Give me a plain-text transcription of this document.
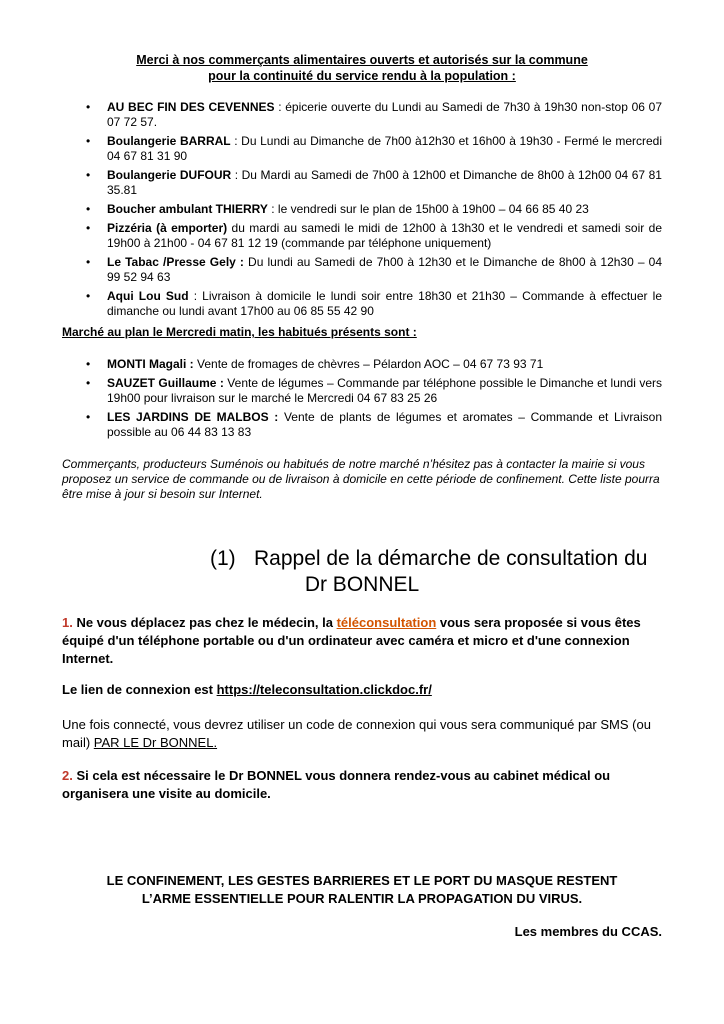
Merci à nos commerçants alimentaires ouverts et autorisés sur la commune
pour la continuité du service rendu à la population :
• AU BEC FIN DES CEVENNES : épicerie ouverte du Lundi au Samedi de 7h30 à 19h30 non-stop 06 07 07 72 57.
• Boulangerie BARRAL : Du Lundi au Dimanche de 7h00 à12h30 et 16h00 à 19h30 - Fermé le mercredi 04 67 81 31 90
• Boulangerie DUFOUR : Du Mardi au Samedi de 7h00 à 12h00 et Dimanche de 8h00 à 12h00 04 67 81 35.81
• Boucher ambulant THIERRY : le vendredi sur le plan de 15h00 à 19h00 – 04 66 85 40 23
• Pizzéria (à emporter) du mardi au samedi le midi de 12h00 à 13h30 et le vendredi et samedi soir de 19h00 à 21h00 - 04 67 81 12 19 (commande par téléphone uniquement)
• Le Tabac /Presse Gely : Du lundi au Samedi de 7h00 à 12h30 et le Dimanche de 8h00 à 12h30 – 04 99 52 94 63
• Aqui Lou Sud : Livraison à domicile le lundi soir entre 18h30 et 21h30 – Commande à effectuer le dimanche ou lundi avant 17h00 au 06 85 55 42 90
Marché au plan le Mercredi matin, les habitués présents sont :
• MONTI Magali : Vente de fromages de chèvres – Pélardon AOC – 04 67 73 93 71
• SAUZET Guillaume : Vente de légumes – Commande par téléphone possible le Dimanche et lundi vers 19h00 pour livraison sur le marché le Mercredi 04 67 83 25 26
• LES JARDINS DE MALBOS : Vente de plants de légumes et aromates – Commande et Livraison possible au 06 44 83 13 83
Commerçants, producteurs Suménois ou habitués de notre marché n’hésitez pas à contacter la mairie si vous proposez un service de commande ou de livraison à domicile en cette période de confinement. Cette liste pourra être mise à jour si besoin sur Internet.
(1) Rappel de la démarche de consultation du
Dr BONNEL
1. Ne vous déplacez pas chez le médecin, la téléconsultation vous sera proposée si vous êtes équipé d'un téléphone portable ou d'un ordinateur avec caméra et micro et d'une connexion Internet.
Le lien de connexion est https://teleconsultation.clickdoc.fr/
Une fois connecté, vous devrez utiliser un code de connexion qui vous sera communiqué par SMS (ou mail) PAR LE Dr BONNEL.
2. Si cela est nécessaire le Dr BONNEL vous donnera rendez-vous au cabinet médical ou organisera une visite au domicile.
LE CONFINEMENT, LES GESTES BARRIERES ET LE PORT DU MASQUE RESTENT
L’ARME ESSENTIELLE POUR RALENTIR LA PROPAGATION DU VIRUS.
Les membres du CCAS.
